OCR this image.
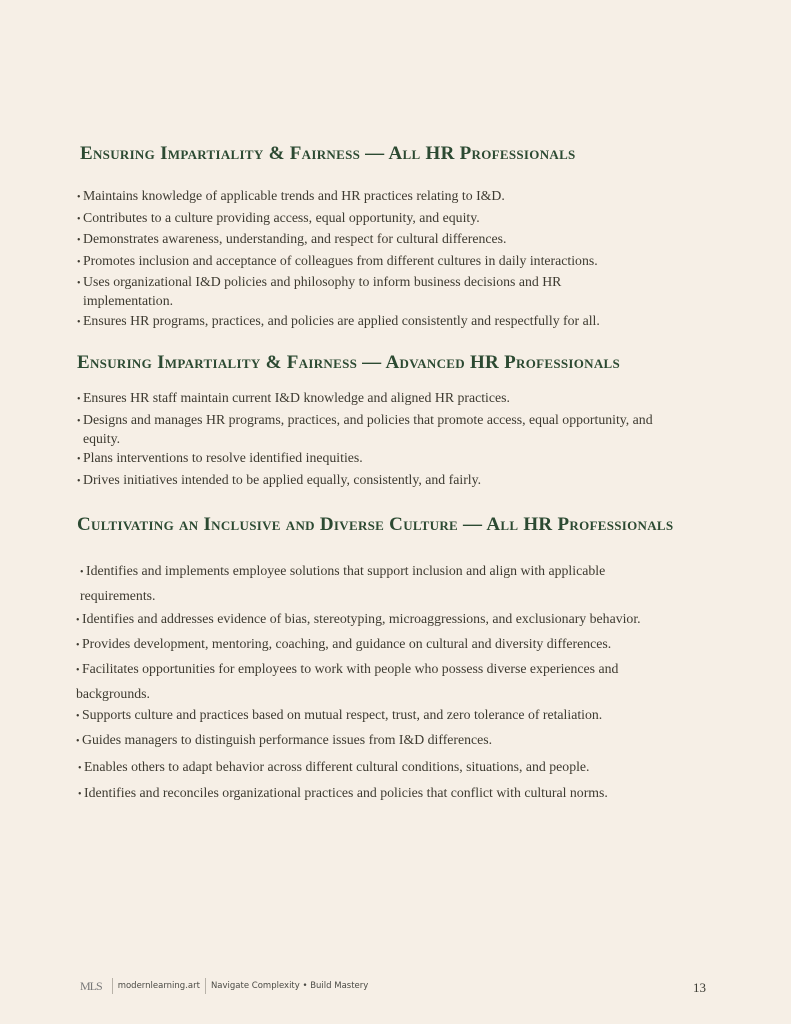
Ensuring Impartiality & Fairness — All HR Professionals
• Maintains knowledge of applicable trends and HR practices relating to I&D.
• Contributes to a culture providing access, equal opportunity, and equity.
• Demonstrates awareness, understanding, and respect for cultural differences.
• Promotes inclusion and acceptance of colleagues from different cultures in daily interactions.
• Uses organizational I&D policies and philosophy to inform business decisions and HR implementation.
• Ensures HR programs, practices, and policies are applied consistently and respectfully for all.
Ensuring Impartiality & Fairness — Advanced HR Professionals
• Ensures HR staff maintain current I&D knowledge and aligned HR practices.
• Designs and manages HR programs, practices, and policies that promote access, equal opportunity, and equity.
• Plans interventions to resolve identified inequities.
• Drives initiatives intended to be applied equally, consistently, and fairly.
Cultivating an Inclusive and Diverse Culture — All HR Professionals
• Identifies and implements employee solutions that support inclusion and align with applicable requirements.
• Identifies and addresses evidence of bias, stereotyping, microaggressions, and exclusionary behavior.
• Provides development, mentoring, coaching, and guidance on cultural and diversity differences.
• Facilitates opportunities for employees to work with people who possess diverse experiences and backgrounds.
• Supports culture and practices based on mutual respect, trust, and zero tolerance of retaliation.
• Guides managers to distinguish performance issues from I&D differences.
• Enables others to adapt behavior across different cultural conditions, situations, and people.
• Identifies and reconciles organizational practices and policies that conflict with cultural norms.
MLS	modernlearning.art Navigate Complexity • Build Mastery	13
